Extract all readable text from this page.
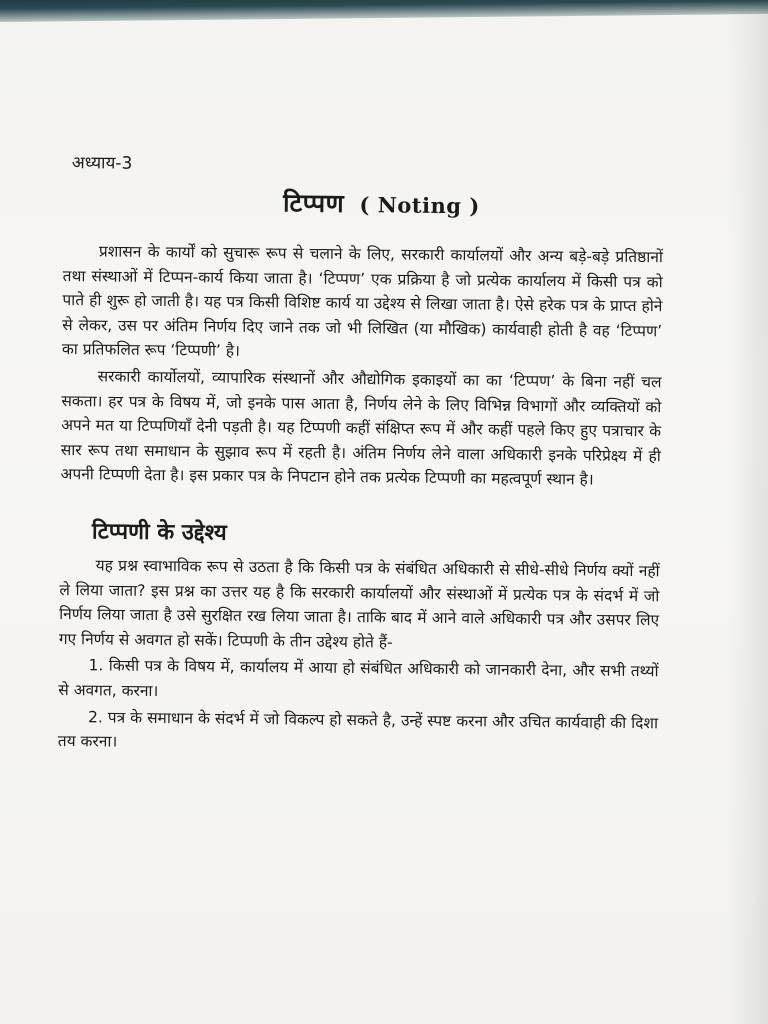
अध्याय-3
टिप्पण ( Noting )

प्रशासन के कार्यों को सुचारू रूप से चलाने के लिए, सरकारी कार्यालयों और अन्य बड़े-बड़े प्रतिष्ठानों तथा संस्थाओं में टिप्पन-कार्य किया जाता है। ‘टिप्पण’ एक प्रक्रिया है जो प्रत्येक कार्यालय में किसी पत्र को पाते ही शुरू हो जाती है। यह पत्र किसी विशिष्ट कार्य या उद्देश्य से लिखा जाता है। ऐसे हरेक पत्र के प्राप्त होने से लेकर, उस पर अंतिम निर्णय दिए जाने तक जो भी लिखित (या मौखिक) कार्यवाही होती है वह ‘टिप्पण’ का प्रतिफलित रूप ‘टिप्पणी’ है।

सरकारी कार्योलयों, व्यापारिक संस्थानों और औद्योगिक इकाइयों का का ‘टिप्पण’ के बिना नहीं चल सकता। हर पत्र के विषय में, जो इनके पास आता है, निर्णय लेने के लिए विभिन्न विभागों और व्यक्तियों को अपने मत या टिप्पणियाँ देनी पड़ती है। यह टिप्पणी कहीं संक्षिप्त रूप में और कहीं पहले किए हुए पत्राचार के सार रूप तथा समाधान के सुझाव रूप में रहती है। अंतिम निर्णय लेने वाला अधिकारी इनके परिप्रेक्ष्य में ही अपनी टिप्पणी देता है। इस प्रकार पत्र के निपटान होने तक प्रत्येक टिप्पणी का महत्वपूर्ण स्थान है।

टिप्पणी के उद्देश्य

यह प्रश्न स्वाभाविक रूप से उठता है कि किसी पत्र के संबंधित अधिकारी से सीधे-सीधे निर्णय क्यों नहीं ले लिया जाता? इस प्रश्न का उत्तर यह है कि सरकारी कार्यालयों और संस्थाओं में प्रत्येक पत्र के संदर्भ में जो निर्णय लिया जाता है उसे सुरक्षित रख लिया जाता है। ताकि बाद में आने वाले अधिकारी पत्र और उसपर लिए गए निर्णय से अवगत हो सकें। टिप्पणी के तीन उद्देश्य होते हैं-

1. किसी पत्र के विषय में, कार्यालय में आया हो संबंधित अधिकारी को जानकारी देना, और सभी तथ्यों से अवगत, करना।

2. पत्र के समाधान के संदर्भ में जो विकल्प हो सकते है, उन्हें स्पष्ट करना और उचित कार्यवाही की दिशा तय करना।
